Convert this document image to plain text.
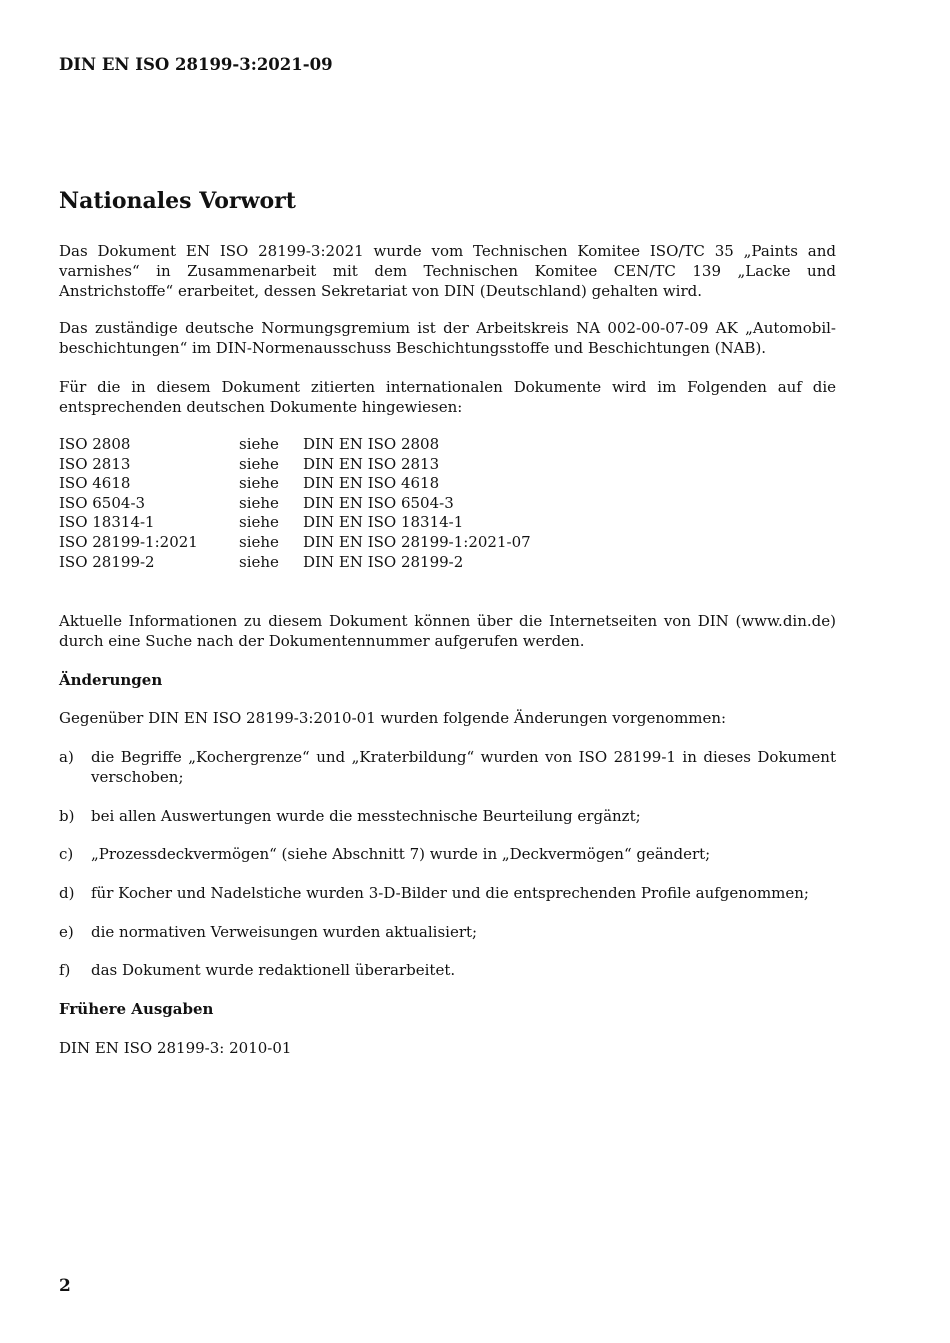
DIN EN ISO 28199-3:2021-09
Nationales Vorwort
Das Dokument EN ISO 28199-3:2021 wurde vom Technischen Komitee ISO/TC 35 „Paints and varnishes“ in Zusammenarbeit mit dem Technischen Komitee CEN/TC 139 „Lacke und Anstrichstoffe“ erarbeitet, dessen Sekretariat von DIN (Deutschland) gehalten wird.
Das zuständige deutsche Normungsgremium ist der Arbeitskreis NA 002-00-07-09 AK „Automobil-beschichtungen“ im DIN-Normenausschuss Beschichtungsstoffe und Beschichtungen (NAB).
Für die in diesem Dokument zitierten internationalen Dokumente wird im Folgenden auf die entsprechenden deutschen Dokumente hingewiesen:
ISO 2808	siehe	DIN EN ISO 2808
ISO 2813	siehe	DIN EN ISO 2813
ISO 4618	siehe	DIN EN ISO 4618
ISO 6504-3	siehe	DIN EN ISO 6504-3
ISO 18314-1	siehe	DIN EN ISO 18314-1
ISO 28199-1:2021	siehe	DIN EN ISO 28199-1:2021-07
ISO 28199-2	siehe	DIN EN ISO 28199-2
Aktuelle Informationen zu diesem Dokument können über die Internetseiten von DIN (www.din.de) durch eine Suche nach der Dokumentennummer aufgerufen werden.
Änderungen
Gegenüber DIN EN ISO 28199-3:2010-01 wurden folgende Änderungen vorgenommen:
a)	die Begriffe „Kochergrenze“ und „Kraterbildung“ wurden von ISO 28199-1 in dieses Dokument verschoben;
b)	bei allen Auswertungen wurde die messtechnische Beurteilung ergänzt;
c)	„Prozessdeckvermögen“ (siehe Abschnitt 7) wurde in „Deckvermögen“ geändert;
d)	für Kocher und Nadelstiche wurden 3-D-Bilder und die entsprechenden Profile aufgenommen;
e)	die normativen Verweisungen wurden aktualisiert;
f)	das Dokument wurde redaktionell überarbeitet.
Frühere Ausgaben
DIN EN ISO 28199-3: 2010-01
2
